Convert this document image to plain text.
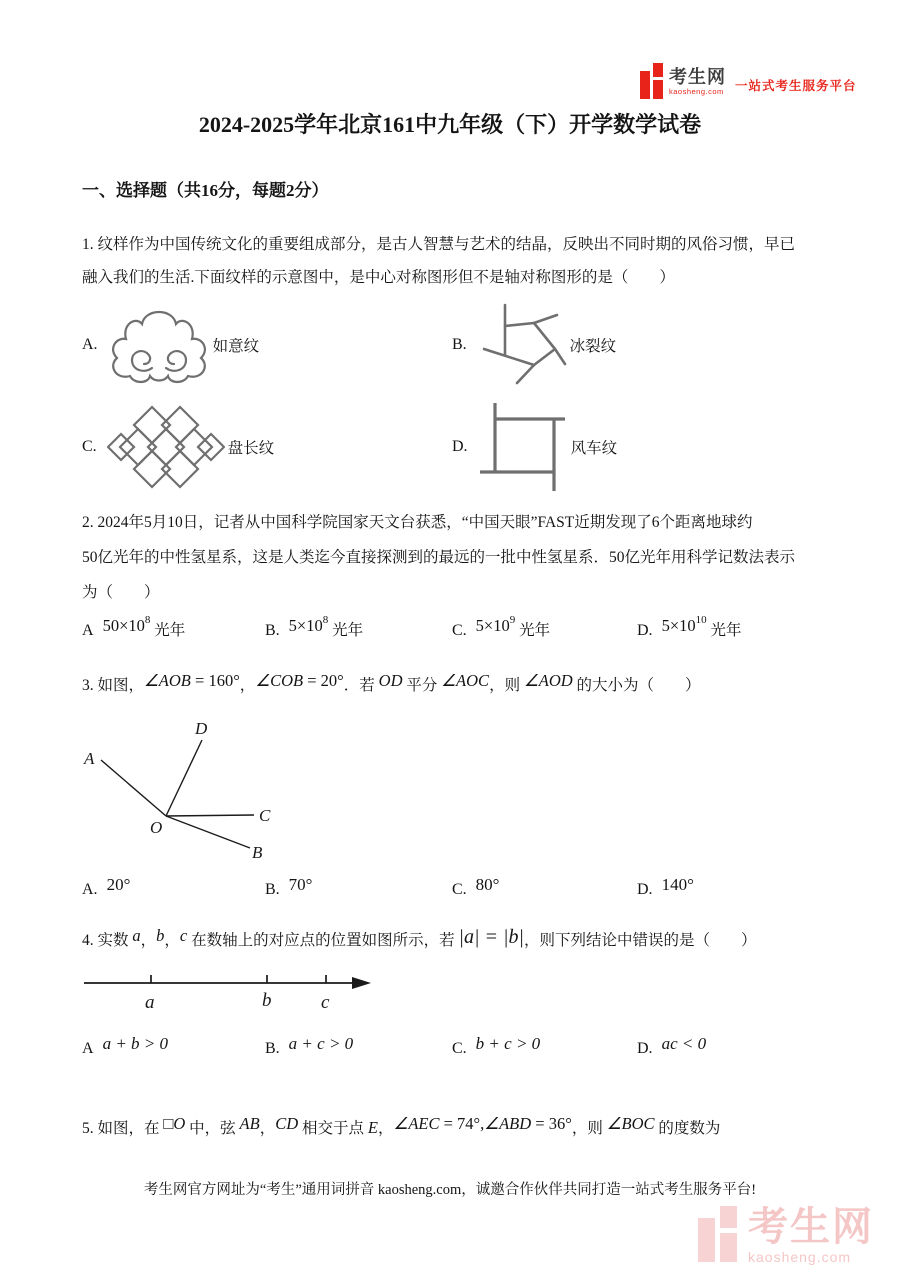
考生网
kaosheng.com 一站式考生服务平台
2024-2025学年北京161中九年级（下）开学数学试卷
一、选择题（共16分，每题2分）

1. 纹样作为中国传统文化的重要组成部分，是古人智慧与艺术的结晶，反映出不同时期的风俗习惯，早已
融入我们的生活.下面纹样的示意图中，是中心对称图形但不是轴对称图形的是（　　）

A.	如意纹	B.	冰裂纹
C.	盘长纹	D.	风车纹

2. 2024年5月10日，记者从中国科学院国家天文台获悉，“中国天眼”FAST近期发现了6个距离地球约
50亿光年的中性氢星系，这是人类迄今直接探测到的最远的一批中性氢星系．50亿光年用科学记数法表示
为（　　）

A $50\times 10^8$ 光年	B. $5\times 10^8$ 光年	C. $5\times 10^9$ 光年	D. $5\times 10^{10}$ 光年

3. 如图，∠AOB = 160°，∠COB = 20°．若 OD 平分 ∠AOC，则 ∠AOD 的大小为（　　）

A
D
C
B
O
A. 20°	B. 70°	C. 80°	D. 140°

4. 实数 a，b，c 在数轴上的对应点的位置如图所示，若 |a| = |b|，则下列结论中错误的是（　　）

a	b	c
A a + b > 0	B. a + c > 0	C. b + c > 0	D. ac < 0

5. 如图，在 □O 中，弦 AB，CD 相交于点 E，∠AEC = 74°,∠ABD = 36°，则 ∠BOC 的度数为

考生网官方网址为“考生”通用词拼音 kaosheng.com，诚邀合作伙伴共同打造一站式考生服务平台!
考生网
kaosheng.com
